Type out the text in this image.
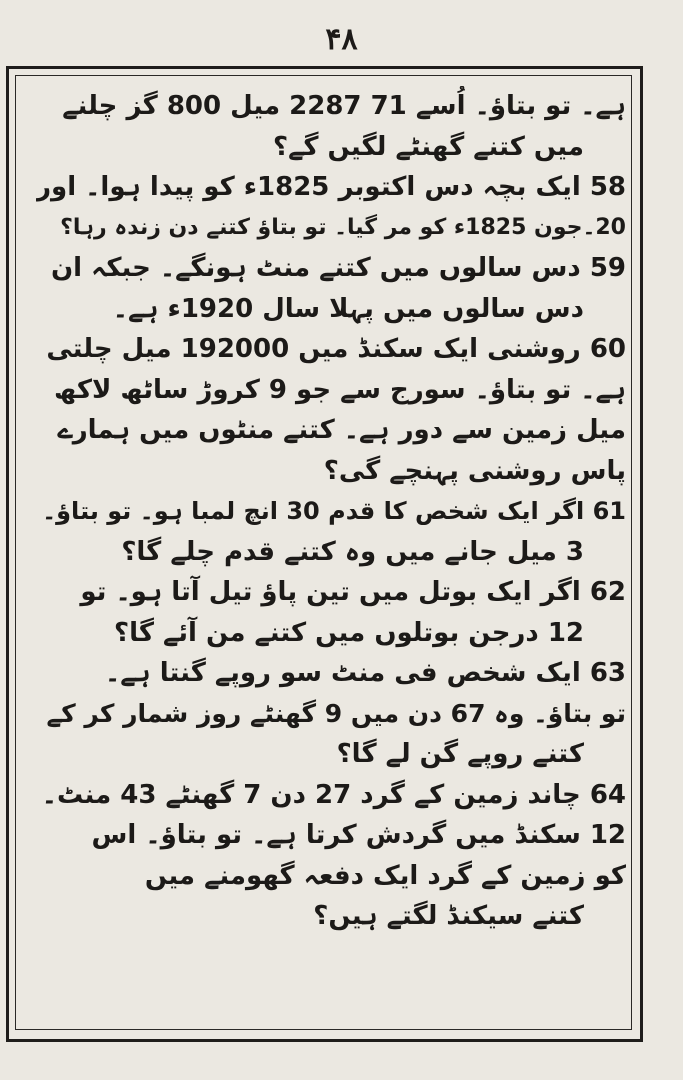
۴۸
ہے۔ تو بتاؤ۔ اُسے 71 2287 میل 800 گز چلنے
میں کتنے گھنٹے لگیں گے؟
58 ایک بچہ دس اکتوبر 1825ء کو پیدا ہوا۔ اور
20۔جون 1825ء کو مر گیا۔ تو بتاؤ کتنے دن زندہ رہا؟
59 دس سالوں میں کتنے منٹ ہونگے۔ جبکہ ان
دس سالوں میں پہلا سال 1920ء ہے۔
60 روشنی ایک سکنڈ میں 192000 میل چلتی
ہے۔ تو بتاؤ۔ سورج سے جو 9 کروڑ ساٹھ لاکھ
میل زمین سے دور ہے۔ کتنے منٹوں میں ہمارے
پاس روشنی پہنچے گی؟
61 اگر ایک شخص کا قدم 30 انچ لمبا ہو۔ تو بتاؤ۔
3 میل جانے میں وہ کتنے قدم چلے گا؟
62 اگر ایک بوتل میں تین پاؤ تیل آتا ہو۔ تو
12 درجن بوتلوں میں کتنے من آئے گا؟
63 ایک شخص فی منٹ سو روپے گنتا ہے۔
تو بتاؤ۔ وہ 67 دن میں 9 گھنٹے روز شمار کر کے
کتنے روپے گن لے گا؟
64 چاند زمین کے گرد 27 دن 7 گھنٹے 43 منٹ۔
12 سکنڈ میں گردش کرتا ہے۔ تو بتاؤ۔ اس
کو زمین کے گرد ایک دفعہ گھومنے میں
کتنے سیکنڈ لگتے ہیں؟
